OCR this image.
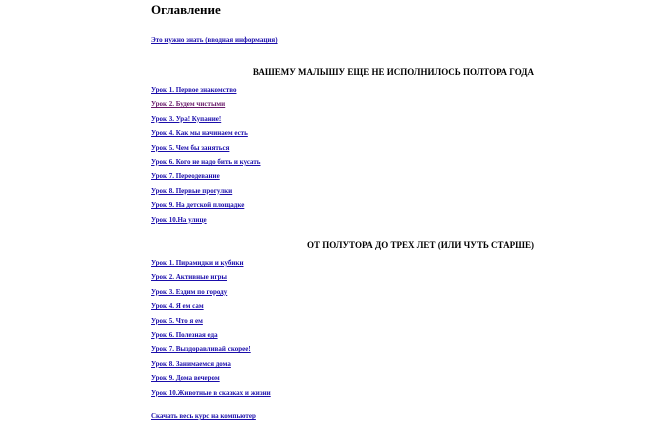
Оглавление
Это нужно знать (вводная информация)
ВАШЕМУ МАЛЫШУ ЕЩЕ НЕ ИСПОЛНИЛОСЬ ПОЛТОРА ГОДА
Урок 1. Первое знакомство
Урок 2. Будем чистыми
Урок 3. Ура! Купание!
Урок 4. Как мы начинаем есть
Урок 5. Чем бы заняться
Урок 6. Кого не надо бить и кусать
Урок 7. Переодевание
Урок 8. Первые прогулки
Урок 9. На детской площадке
Урок 10.На улице
ОТ ПОЛУТОРА ДО ТРЕХ ЛЕТ (ИЛИ ЧУТЬ СТАРШЕ)
Урок 1. Пирамидки и кубики
Урок 2. Активные игры
Урок 3. Ездим по городу
Урок 4. Я ем сам
Урок 5. Что я ем
Урок 6. Полезная еда
Урок 7. Выздоравливай скорее!
Урок 8. Занимаемся дома
Урок 9. Дома вечером
Урок 10.Животные в сказках и жизни
Скачать весь курс на компьютер
